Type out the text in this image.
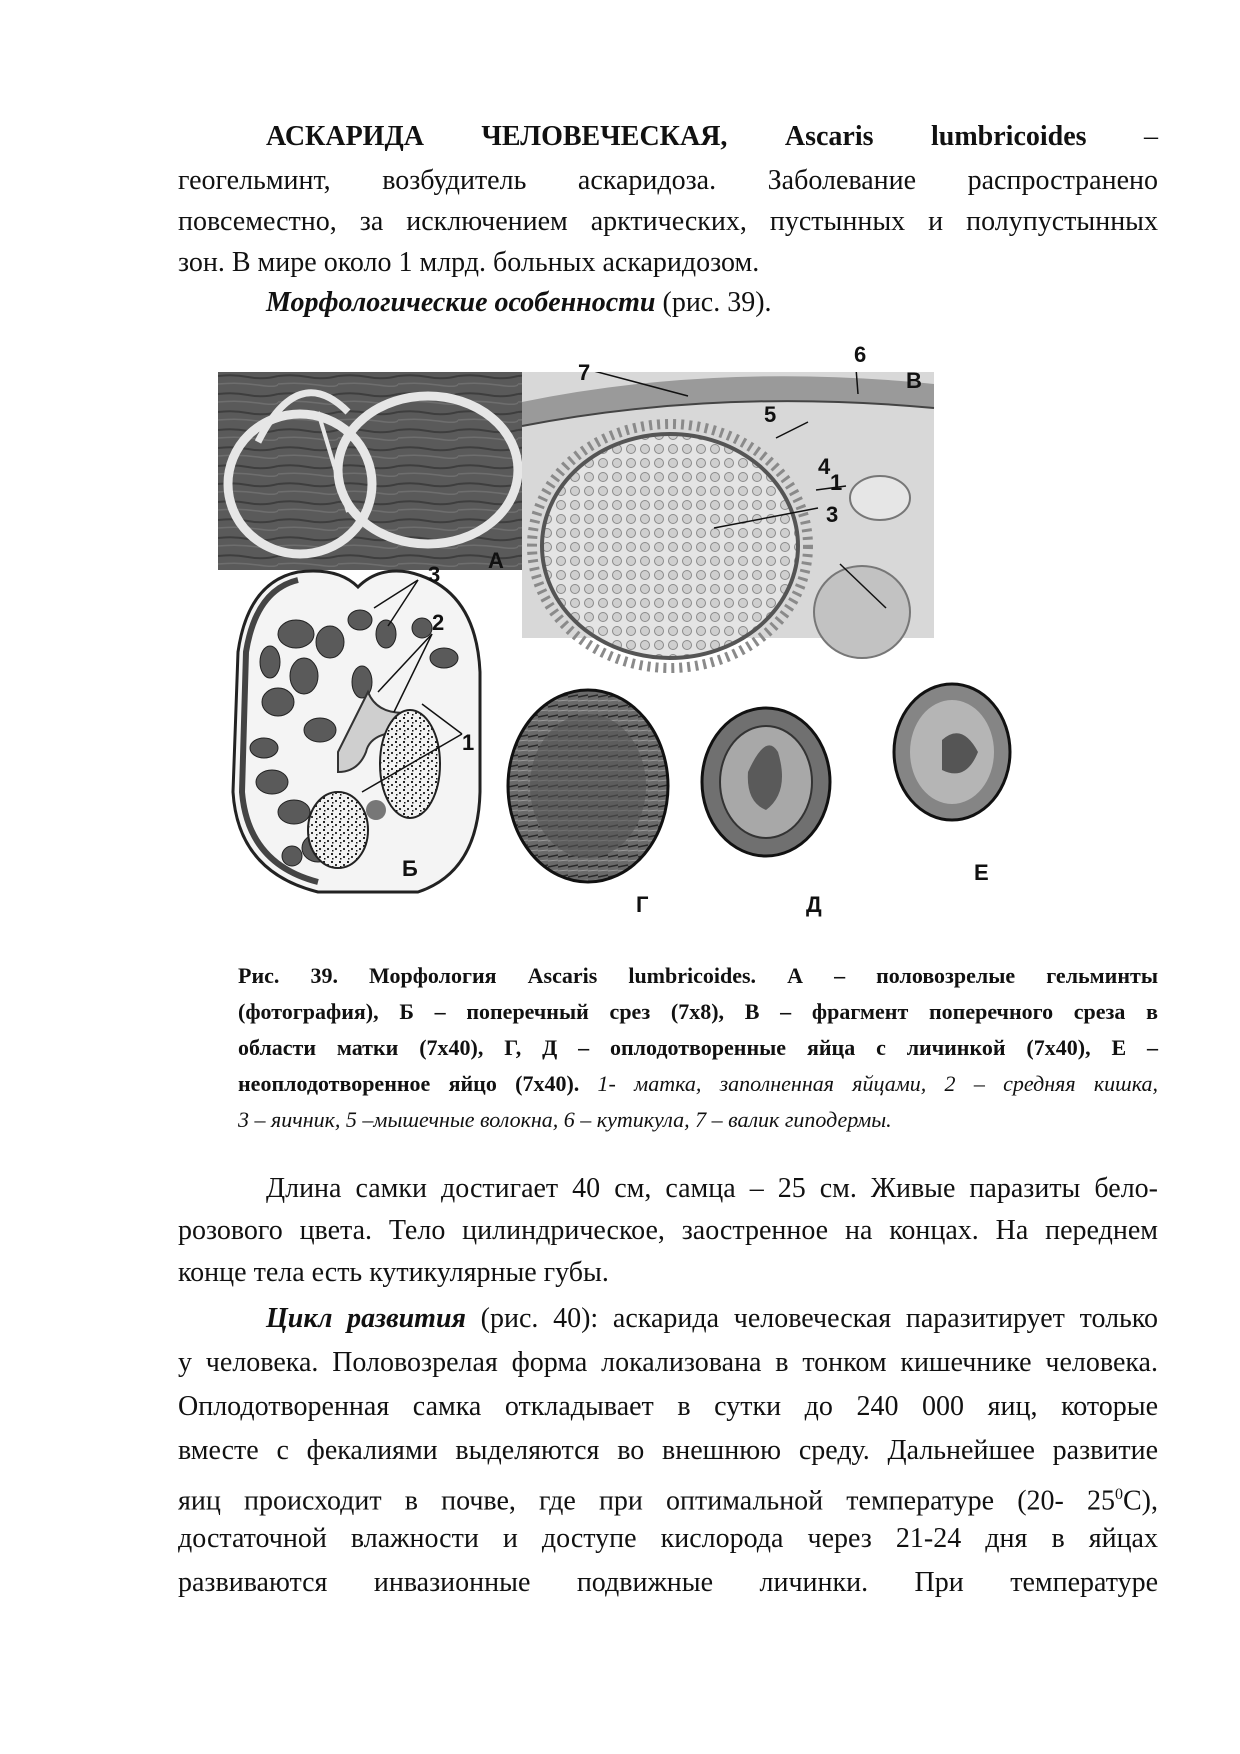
АСКАРИДА ЧЕЛОВЕЧЕСКАЯ, Ascaris lumbricoides –

геогельминт, возбудитель аскаридоза. Заболевание распространено

повсеместно, за исключением арктических, пустынных и полупустынных

зон. В мире около 1 млрд. больных аскаридозом.

Морфологические особенности (рис. 39).

А
Б
В
Г	Д
Е
1
1
2
3
3
4
5
6
7
Рис. 39. Морфология Ascaris lumbricoides. А – половозрелые гельминты
(фотография), Б – поперечный срез (7х8), В – фрагмент поперечного среза в
области матки (7х40), Г, Д – оплодотворенные яйца с личинкой (7х40), Е –
неоплодотворенное яйцо (7х40). 1- матка, заполненная яйцами, 2 – средняя кишка,
3 – яичник, 5 –мышечные волокна, 6 – кутикула, 7 – валик гиподермы.

Длина самки достигает 40 см, самца – 25 см. Живые паразиты бело-

розового цвета. Тело цилиндрическое, заостренное на концах. На переднем

конце тела есть кутикулярные губы.

Цикл развития (рис. 40): аскарида человеческая паразитирует только

у человека. Половозрелая форма локализована в тонком кишечнике человека.

Оплодотворенная самка откладывает в сутки до 240 000 яиц, которые

вместе с фекалиями выделяются во внешнюю среду. Дальнейшее развитие

яиц происходит в почве, где при оптимальной температуре (20- $25^0С$),

достаточной влажности и доступе кислорода через 21-24 дня в яйцах

развиваются инвазионные подвижные личинки. При температуре
